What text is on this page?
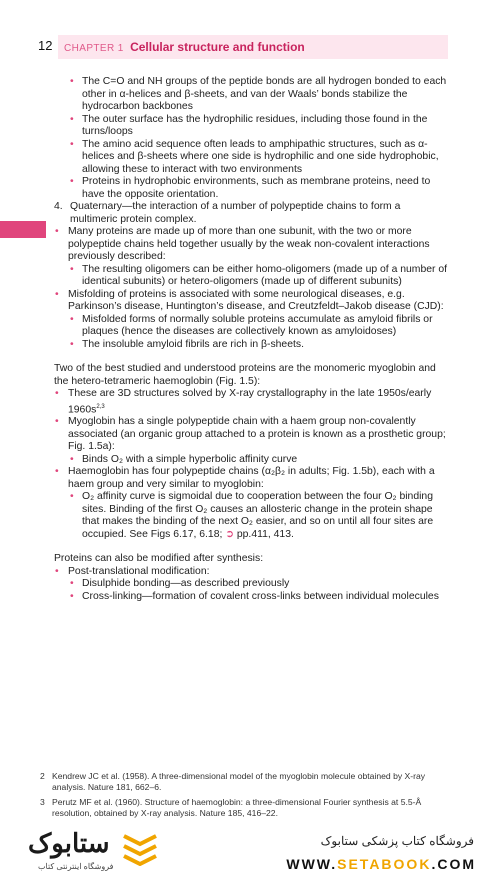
12 CHAPTER 1 Cellular structure and function

• The C=O and NH groups of the peptide bonds are all hydrogen bonded to each other in α-helices and β-sheets, and van der Waals’ bonds stabilize the hydrocarbon backbones

• The outer surface has the hydrophilic residues, including those found in the turns/loops

• The amino acid sequence often leads to amphipathic structures, such as α-helices and β-sheets where one side is hydrophilic and one side hydrophobic, allowing these to interact with two environments

• Proteins in hydrophobic environments, such as membrane proteins, need to have the opposite orientation.

4. Quaternary—the interaction of a number of polypeptide chains to form a multimeric protein complex.

• Many proteins are made up of more than one subunit, with the two or more polypeptide chains held together usually by the weak non-covalent interactions previously described:

• The resulting oligomers can be either homo-oligomers (made up of a number of identical subunits) or hetero-oligomers (made up of different subunits)

• Misfolding of proteins is associated with some neurological diseases, e.g. Parkinson’s disease, Huntington’s disease, and Creutzfeldt–Jakob disease (CJD):

• Misfolded forms of normally soluble proteins accumulate as amyloid fibrils or plaques (hence the diseases are collectively known as amyloidoses)

• The insoluble amyloid fibrils are rich in β-sheets.

Two of the best studied and understood proteins are the monomeric myoglobin and the hetero-tetrameric haemoglobin (Fig. 1.5):

• These are 3D structures solved by X-ray crystallography in the late 1950s/early $1960s^{2,3}$

• Myoglobin has a single polypeptide chain with a haem group non-covalently associated (an organic group attached to a protein is known as a prosthetic group; Fig. 1.5a):

• Binds O₂ with a simple hyperbolic affinity curve

• Haemoglobin has four polypeptide chains (α₂β₂ in adults; Fig. 1.5b), each with a haem group and very similar to myoglobin:

• O₂ affinity curve is sigmoidal due to cooperation between the four O₂ binding sites. Binding of the first O₂ causes an allosteric change in the protein shape that makes the binding of the next O₂ easier, and so on until all four sites are occupied. See Figs 6.17, 6.18; ➲ pp.411, 413.

Proteins can also be modified after synthesis:

• Post-translational modification:

• Disulphide bonding—as described previously

• Cross-linking—formation of covalent cross-links between individual molecules

2 Kendrew JC et al. (1958). A three-dimensional model of the myoglobin molecule obtained by X-ray analysis. Nature 181, 662–6.

3 Perutz MF et al. (1960). Structure of haemoglobin: a three-dimensional Fourier synthesis at 5.5-Å resolution, obtained by X-ray analysis. Nature 185, 416–22.

ستابوک
فروشگاه اینترنتی کتاب
فروشگاه کتاب پزشکی ستابوک
WWW.SETABOOK.COM
